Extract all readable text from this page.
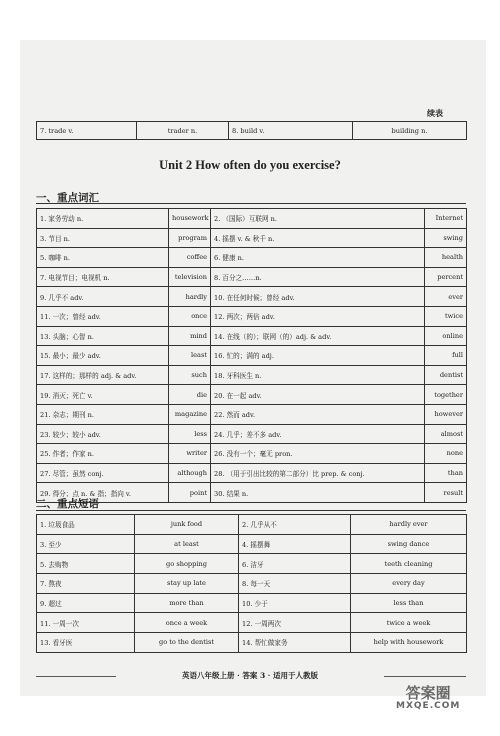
续表
7. trade v.	trader n.	8. build v.	building n.
Unit 2 How often do you exercise?
一、重点词汇
1. 家务劳动 n.	housework	2. （国际）互联网 n.	Internet
3. 节目 n.	program	4. 摇摆 v. & 秋千 n.	swing
5. 咖啡 n.	coffee	6. 健康 n.	health
7. 电视节目；电视机 n.	television	8. 百分之……n.	percent
9. 几乎不 adv.	hardly	10. 在任何时候；曾经 adv.	ever
11. 一次；曾经 adv.	once	12. 两次；两倍 adv.	twice
13. 头脑；心智 n.	mind	14. 在线（的）；联网（的）adj. & adv.	online
15. 最小；最少 adv.	least	16. 忙的；满的 adj.	full
17. 这样的；那样的 adj. & adv.	such	18. 牙科医生 n.	dentist
19. 消灭；死亡 v.	die	20. 在一起 adv.	together
21. 杂志；期刊 n.	magazine	22. 然而 adv.	however
23. 较少；较小 adv.	less	24. 几乎；差不多 adv.	almost
25. 作者；作家 n.	writer	26. 没有一个；毫无 pron.	none
27. 尽管；虽然 conj.	although	28. （用于引出比较的第二部分）比 prep. & conj.	than
29. 得分；点 n. & 指；指向 v.	point	30. 结果 n.	result
二、重点短语
1. 垃圾食品	junk food	2. 几乎从不	hardly ever
3. 至少	at least	4. 摇摆舞	swing dance
5. 去购物	go shopping	6. 洁牙	teeth cleaning
7. 熬夜	stay up late	8. 每一天	every day
9. 超过	more than	10. 少于	less than
11. 一周一次	once a week	12. 一周两次	twice a week
13. 看牙医	go to the dentist	14. 帮忙做家务	help with housework
英语八年级上册 · 答案 3 · 适用于人教版
答案圈
MXQE.COM
